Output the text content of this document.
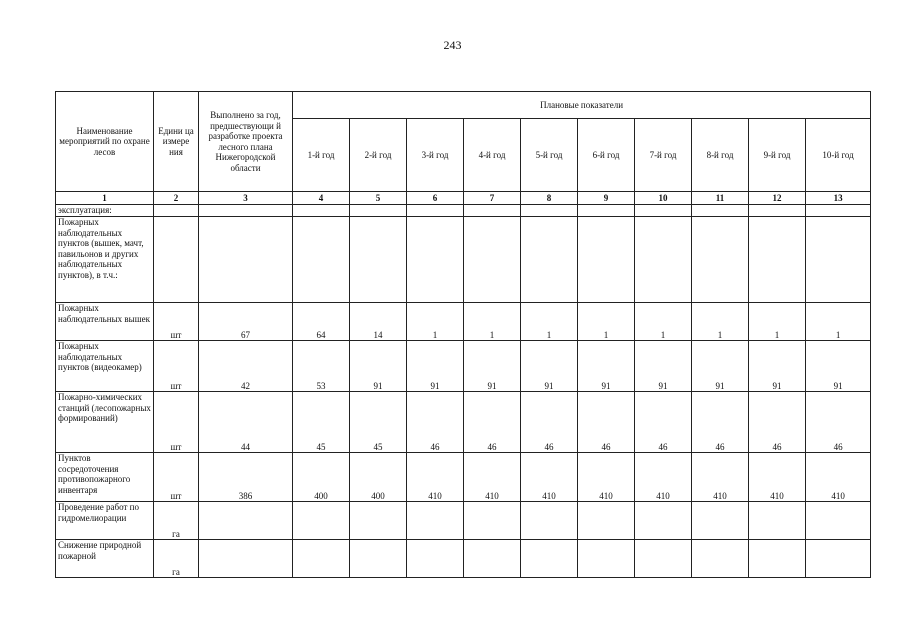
243
Наименование мероприятий по охране лесов	Едини ца измере ния	Выполнено за год, предшествующи й разработке проекта лесного плана Нижегородской области	Плановые показатели									
			1-й год	2-й год	3-й год	4-й год	5-й год	6-й год	7-й год	8-й год	9-й год	10-й год
1	2	3	4	5	6	7	8	9	10	11	12	13
эксплуатация:												
Пожарных наблюдательных пунктов (вышек, мачт, павильонов и других наблюдательных пунктов), в т.ч.:												
Пожарных наблюдательных вышек	шт	67	64	14	1	1	1	1	1	1	1	1
Пожарных наблюдательных пунктов (видеокамер)	шт	42	53	91	91	91	91	91	91	91	91	91
Пожарно-химических станций (лесопожарных формирований)	шт	44	45	45	46	46	46	46	46	46	46	46
Пунктов сосредоточения противопожарного инвентаря	шт	386	400	400	410	410	410	410	410	410	410	410
Проведение работ по гидромелиорации	га											
Снижение природной пожарной	га											
